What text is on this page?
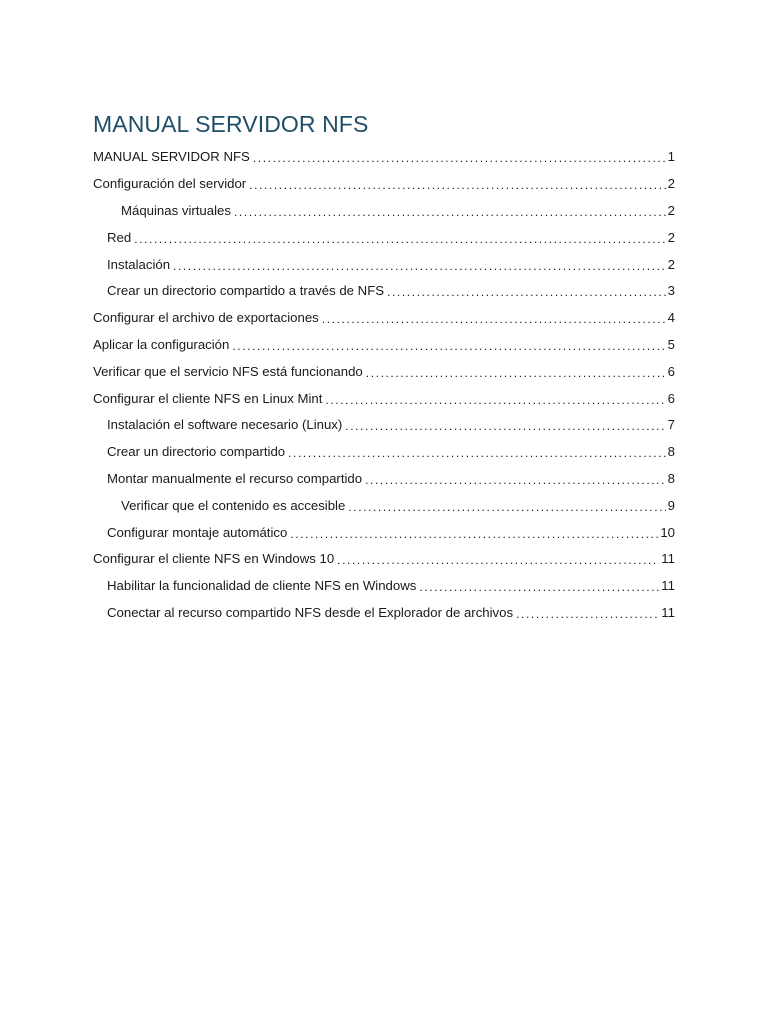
MANUAL SERVIDOR NFS
MANUAL SERVIDOR NFS .....	1
Configuración del servidor .....	2
Máquinas virtuales .....	2
Red .....	2
Instalación .....	2
Crear un directorio compartido a través de NFS .....	3
Configurar el archivo de exportaciones .....	4
Aplicar la configuración .....	5
Verificar que el servicio NFS está funcionando .....	6
Configurar el cliente NFS en Linux Mint .....	6
Instalación el software necesario (Linux) .....	7
Crear un directorio compartido .....	8
Montar manualmente el recurso compartido .....	8
Verificar que el contenido es accesible .....	9
Configurar montaje automático .....	10
Configurar el cliente NFS en Windows 10 .....	11
Habilitar la funcionalidad de cliente NFS en Windows .....	11
Conectar al recurso compartido NFS desde el Explorador de archivos .....	11
